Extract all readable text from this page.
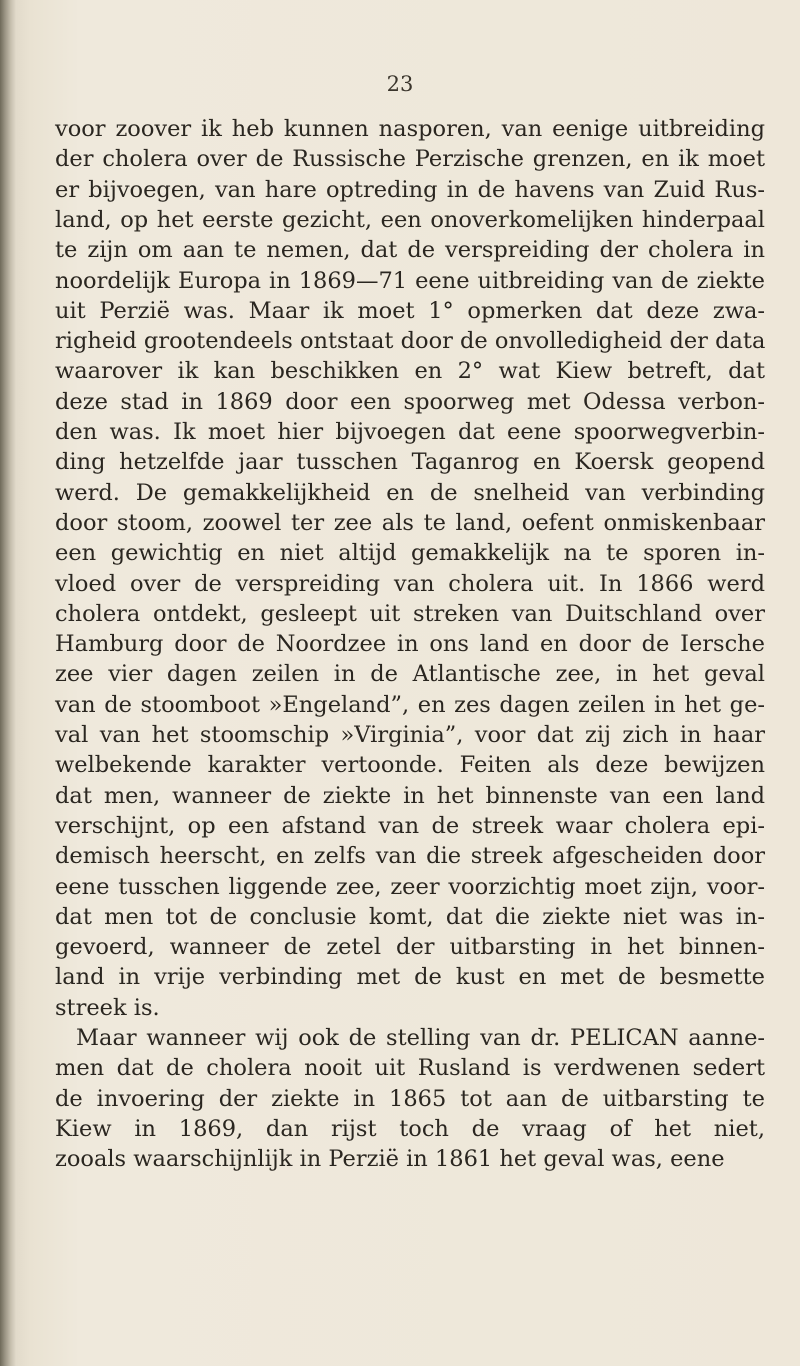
23
voor zoover ik heb kunnen nasporen, van eenige uitbreiding
der cholera over de Russische Perzische grenzen, en ik moet
er bijvoegen, van hare optreding in de havens van Zuid Rus-
land, op het eerste gezicht, een onoverkomelijken hinderpaal
te zijn om aan te nemen, dat de verspreiding der cholera in
noordelijk Europa in 1869—71 eene uitbreiding van de ziekte
uit Perzië was. Maar ik moet 1° opmerken dat deze zwa-
righeid grootendeels ontstaat door de onvolledigheid der data
waarover ik kan beschikken en 2° wat Kiew betreft, dat
deze stad in 1869 door een spoorweg met Odessa verbon-
den was. Ik moet hier bijvoegen dat eene spoorwegverbin-
ding hetzelfde jaar tusschen Taganrog en Koersk geopend
werd. De gemakkelijkheid en de snelheid van verbinding
door stoom, zoowel ter zee als te land, oefent onmiskenbaar
een gewichtig en niet altijd gemakkelijk na te sporen in-
vloed over de verspreiding van cholera uit. In 1866 werd
cholera ontdekt, gesleept uit streken van Duitschland over
Hamburg door de Noordzee in ons land en door de Iersche
zee vier dagen zeilen in de Atlantische zee, in het geval
van de stoomboot »Engeland”, en zes dagen zeilen in het ge-
val van het stoomschip »Virginia”, voor dat zij zich in haar
welbekende karakter vertoonde. Feiten als deze bewijzen
dat men, wanneer de ziekte in het binnenste van een land
verschijnt, op een afstand van de streek waar cholera epi-
demisch heerscht, en zelfs van die streek afgescheiden door
eene tusschen liggende zee, zeer voorzichtig moet zijn, voor-
dat men tot de conclusie komt, dat die ziekte niet was in-
gevoerd, wanneer de zetel der uitbarsting in het binnen-
land in vrije verbinding met de kust en met de besmette
streek is.
Maar wanneer wij ook de stelling van dr. PELICAN aanne-
men dat de cholera nooit uit Rusland is verdwenen sedert
de invoering der ziekte in 1865 tot aan de uitbarsting te
Kiew in 1869, dan rijst toch de vraag of het niet,
zooals waarschijnlijk in Perzië in 1861 het geval was, eene
